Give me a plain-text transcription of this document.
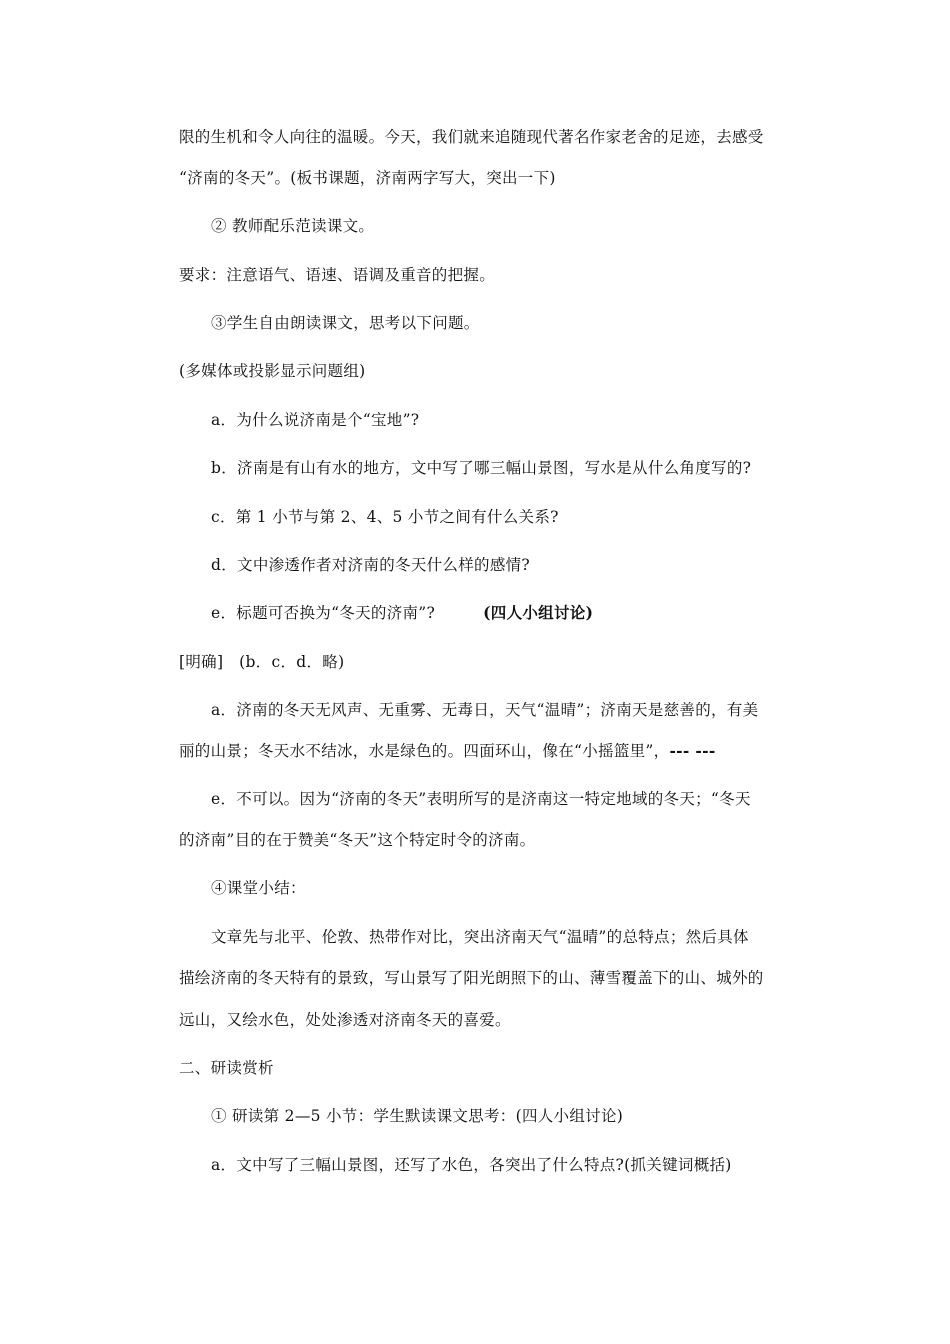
限的生机和令人向往的温暖。今天，我们就来追随现代著名作家老舍的足迹，去感受
“济南的冬天”。(板书课题，济南两字写大，突出一下)
② 教师配乐范读课文。
要求：注意语气、语速、语调及重音的把握。
③学生自由朗读课文，思考以下问题。
(多媒体或投影显示问题组)
a．为什么说济南是个“宝地”?
b．济南是有山有水的地方，文中写了哪三幅山景图，写水是从什么角度写的?
c．第 1 小节与第 2、4、5 小节之间有什么关系?
d．文中渗透作者对济南的冬天什么样的感情?
e．标题可否换为“冬天的济南”?	(四人小组讨论)
[明确]　(b．c．d．略)
a．济南的冬天无风声、无重雾、无毒日，天气“温晴”；济南天是慈善的，有美
丽的山景；冬天水不结冰，水是绿色的。四面环山，像在“小摇篮里”，--- ---
e．不可以。因为“济南的冬天”表明所写的是济南这一特定地域的冬天；“冬天
的济南”目的在于赞美“冬天”这个特定时令的济南。
④课堂小结：
文章先与北平、伦敦、热带作对比，突出济南天气“温晴”的总特点；然后具体
描绘济南的冬天特有的景致，写山景写了阳光朗照下的山、薄雪覆盖下的山、城外的
远山，又绘水色，处处渗透对济南冬天的喜爱。
二、研读赏析
① 研读第 2—5 小节：学生默读课文思考：(四人小组讨论)
a．文中写了三幅山景图，还写了水色，各突出了什么特点?(抓关键词概括)
